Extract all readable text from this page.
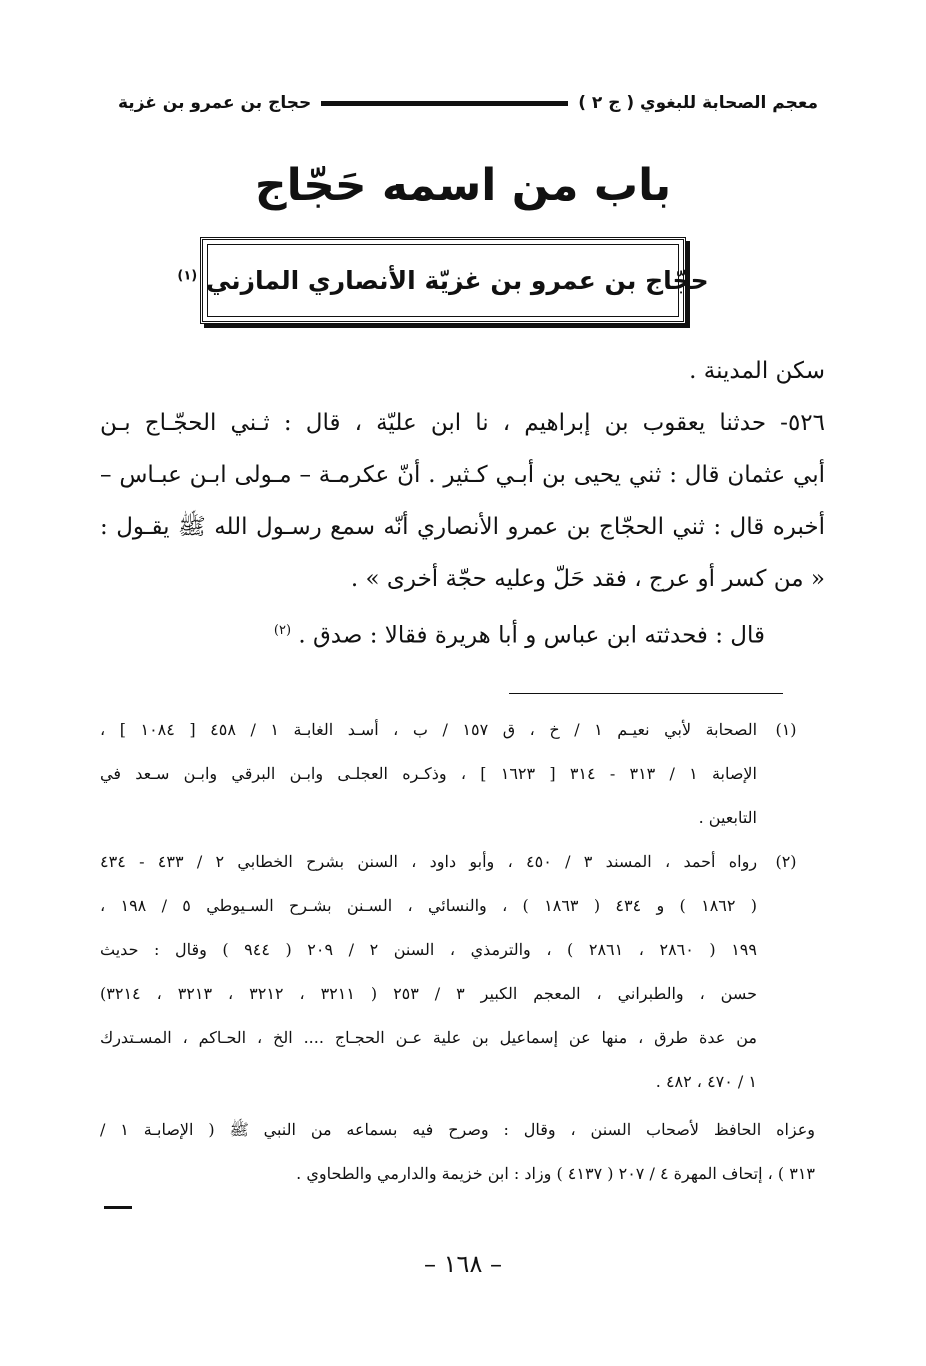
معجم الصحابة للبغوي ( ج ٢ )
حجاج بن عمرو بن غزية
باب من اسمه حَجّاج
حجّاج بن عمرو بن غزيّة الأنصاري المازني $^{(١)}$
سكن المدينة .
٥٢٦- حدثنا يعقوب بن إبراهيم ، نا ابن عليّة ، قال : ثـني الحجّـاج بـن
أبي عثمان قال : ثني يحيى بن أبـي كـثير . أنّ عكرمـة – مـولى ابـن عبـاس –
أخبره قال : ثني الحجّاج بن عمرو الأنصاري أنّه سمع رسـول الله ﷺ يقـول :
« من كسر أو عرج ، فقد حَلّ وعليه حجّة أخرى » .
قال : فحدثته ابن عباس و أبا هريرة فقالا : صدق . $^{(٢)}$
(١)
الصحابة لأبي نعيـم ١ / خ ، ق ١٥٧ / ب ، أسـد الغابـة ١ / ٤٥٨ [ ١٠٨٤ ] ،
الإصابة ١ / ٣١٣ - ٣١٤ [ ١٦٢٣ ] ، وذكـره العجلـى وابـن البرقي وابـن سـعد في
التابعين .
(٢)
رواه أحمد ، المسند ٣ / ٤٥٠ ، وأبو داود ، السنن بشرح الخطابي ٢ / ٤٣٣ - ٤٣٤
( ١٨٦٢ ) و ٤٣٤ ( ١٨٦٣ ) ، والنسائي ، السـنن بشـرح السـيوطي ٥ / ١٩٨ ،
١٩٩ ( ٢٨٦٠ ، ٢٨٦١ ) ، والترمذي ، السنن ٢ / ٢٠٩ ( ٩٤٤ ) وقال : حديث
حسن ، والطبراني ، المعجم الكبير ٣ / ٢٥٣ ( ٣٢١١ ، ٣٢١٢ ، ٣٢١٣ ، ٣٢١٤)
من عدة طرق ، منها عن إسماعيل بن علية عـن الحجـاج .... الخ ، الحـاكم ، المسـتدرك
١ / ٤٧٠ ، ٤٨٢ .
وعزاه الحافظ لأصحاب السنن ، وقال : وصرح فيه بسماعه من النبي ﷺ ( الإصابـة ١ /
٣١٣ ) ، إتحاف المهرة ٤ / ٢٠٧ ( ٤١٣٧ ) وزاد : ابن خزيمة والدارمي والطحاوي .
– ١٦٨ –
